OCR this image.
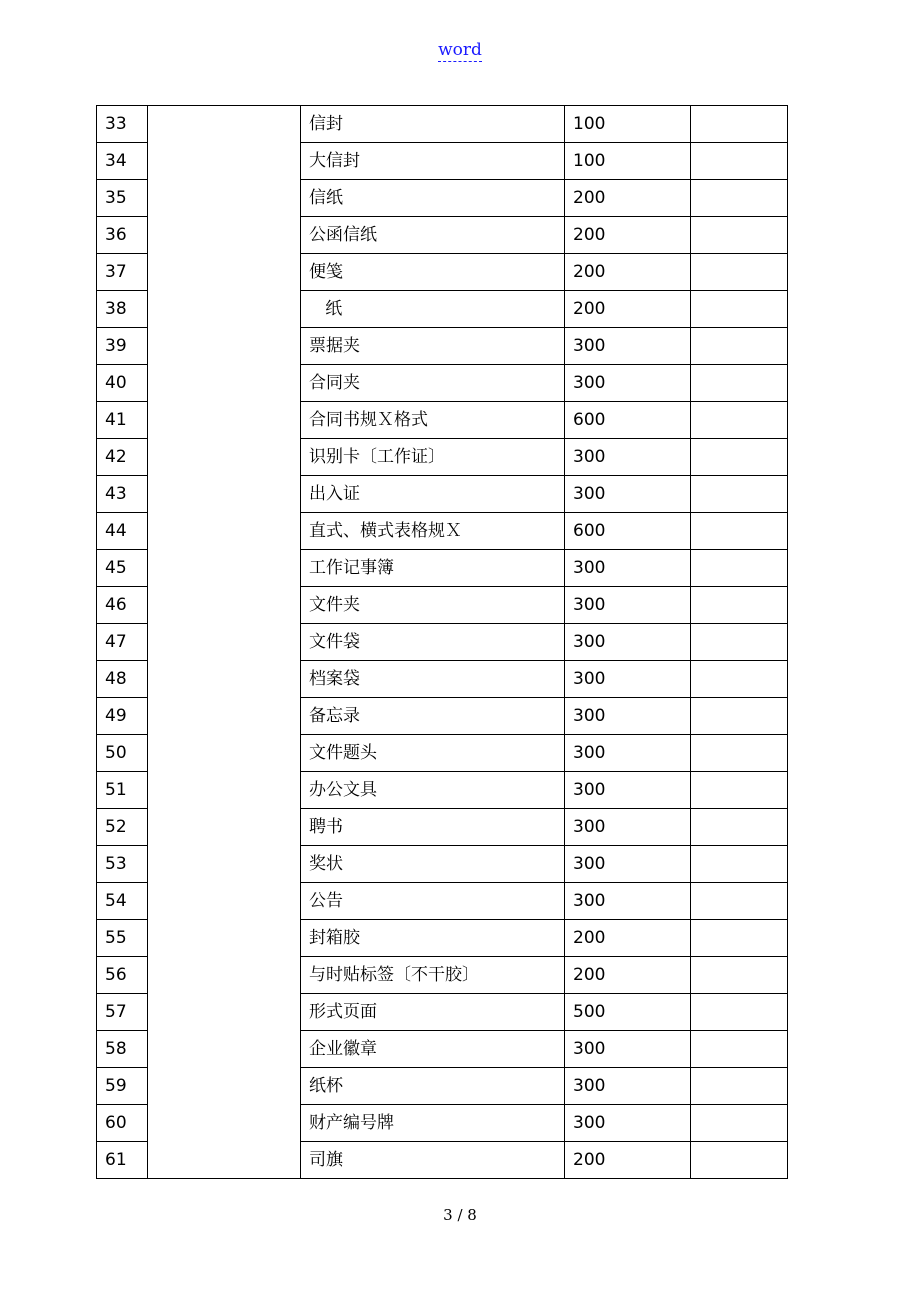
word
33		信封	100	
34		大信封	100	
35		信纸	200	
36		公函信纸	200	
37		便笺	200	
38		纸	200	
39		票据夹	300	
40		合同夹	300	
41		合同书规Ｘ格式	600	
42		识别卡〔工作证〕	300	
43		出入证	300	
44		直式、横式表格规Ｘ	600	
45		工作记事簿	300	
46		文件夹	300	
47		文件袋	300	
48		档案袋	300	
49		备忘录	300	
50		文件题头	300	
51		办公文具	300	
52		聘书	300	
53		奖状	300	
54		公告	300	
55		封箱胶	200	
56		与时贴标签〔不干胶〕	200	
57		形式页面	500	
58		企业徽章	300	
59		纸杯	300	
60		财产编号牌	300	
61		司旗	200	
3 / 8
